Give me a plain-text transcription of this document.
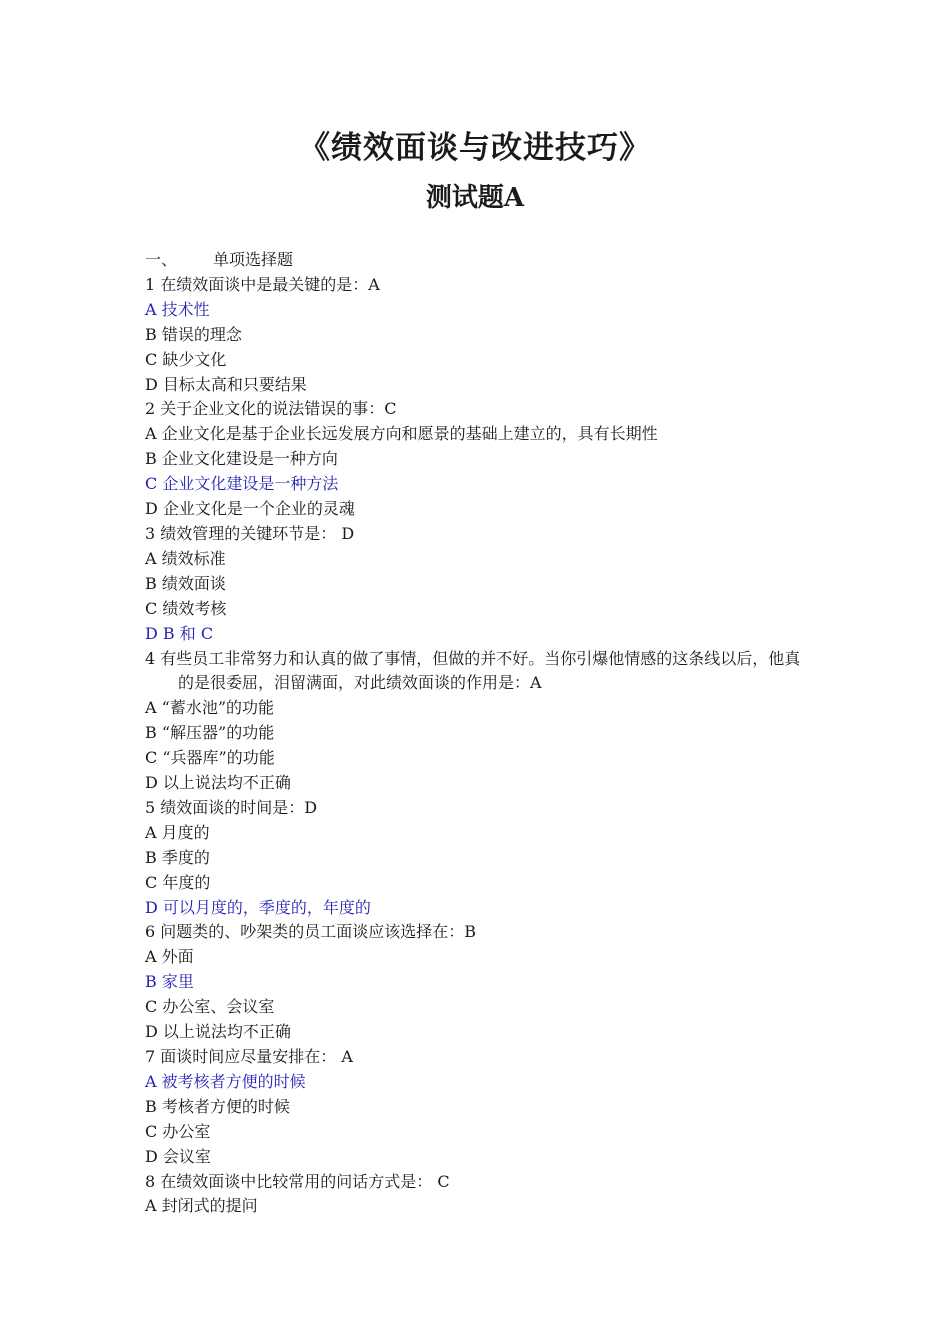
《绩效面谈与改进技巧》
测试题A
一、	单项选择题
1 在绩效面谈中是最关键的是：A
A 技术性
B 错误的理念
C 缺少文化
D 目标太高和只要结果
2 关于企业文化的说法错误的事：C
A 企业文化是基于企业长远发展方向和愿景的基础上建立的，具有长期性
B 企业文化建设是一种方向
C 企业文化建设是一种方法
D 企业文化是一个企业的灵魂
3 绩效管理的关键环节是： D
A 绩效标准
B 绩效面谈
C 绩效考核
D B 和 C
4 有些员工非常努力和认真的做了事情，但做的并不好。当你引爆他情感的这条线以后，他真的是很委屈，泪留满面，对此绩效面谈的作用是：A
A “蓄水池”的功能
B “解压器”的功能
C “兵器库”的功能
D 以上说法均不正确
5 绩效面谈的时间是：D
A 月度的
B 季度的
C 年度的
D 可以月度的，季度的，年度的
6 问题类的、吵架类的员工面谈应该选择在：B
A 外面
B 家里
C 办公室、会议室
D 以上说法均不正确
7 面谈时间应尽量安排在： A
A 被考核者方便的时候
B 考核者方便的时候
C 办公室
D 会议室
8 在绩效面谈中比较常用的问话方式是： C
A 封闭式的提问
